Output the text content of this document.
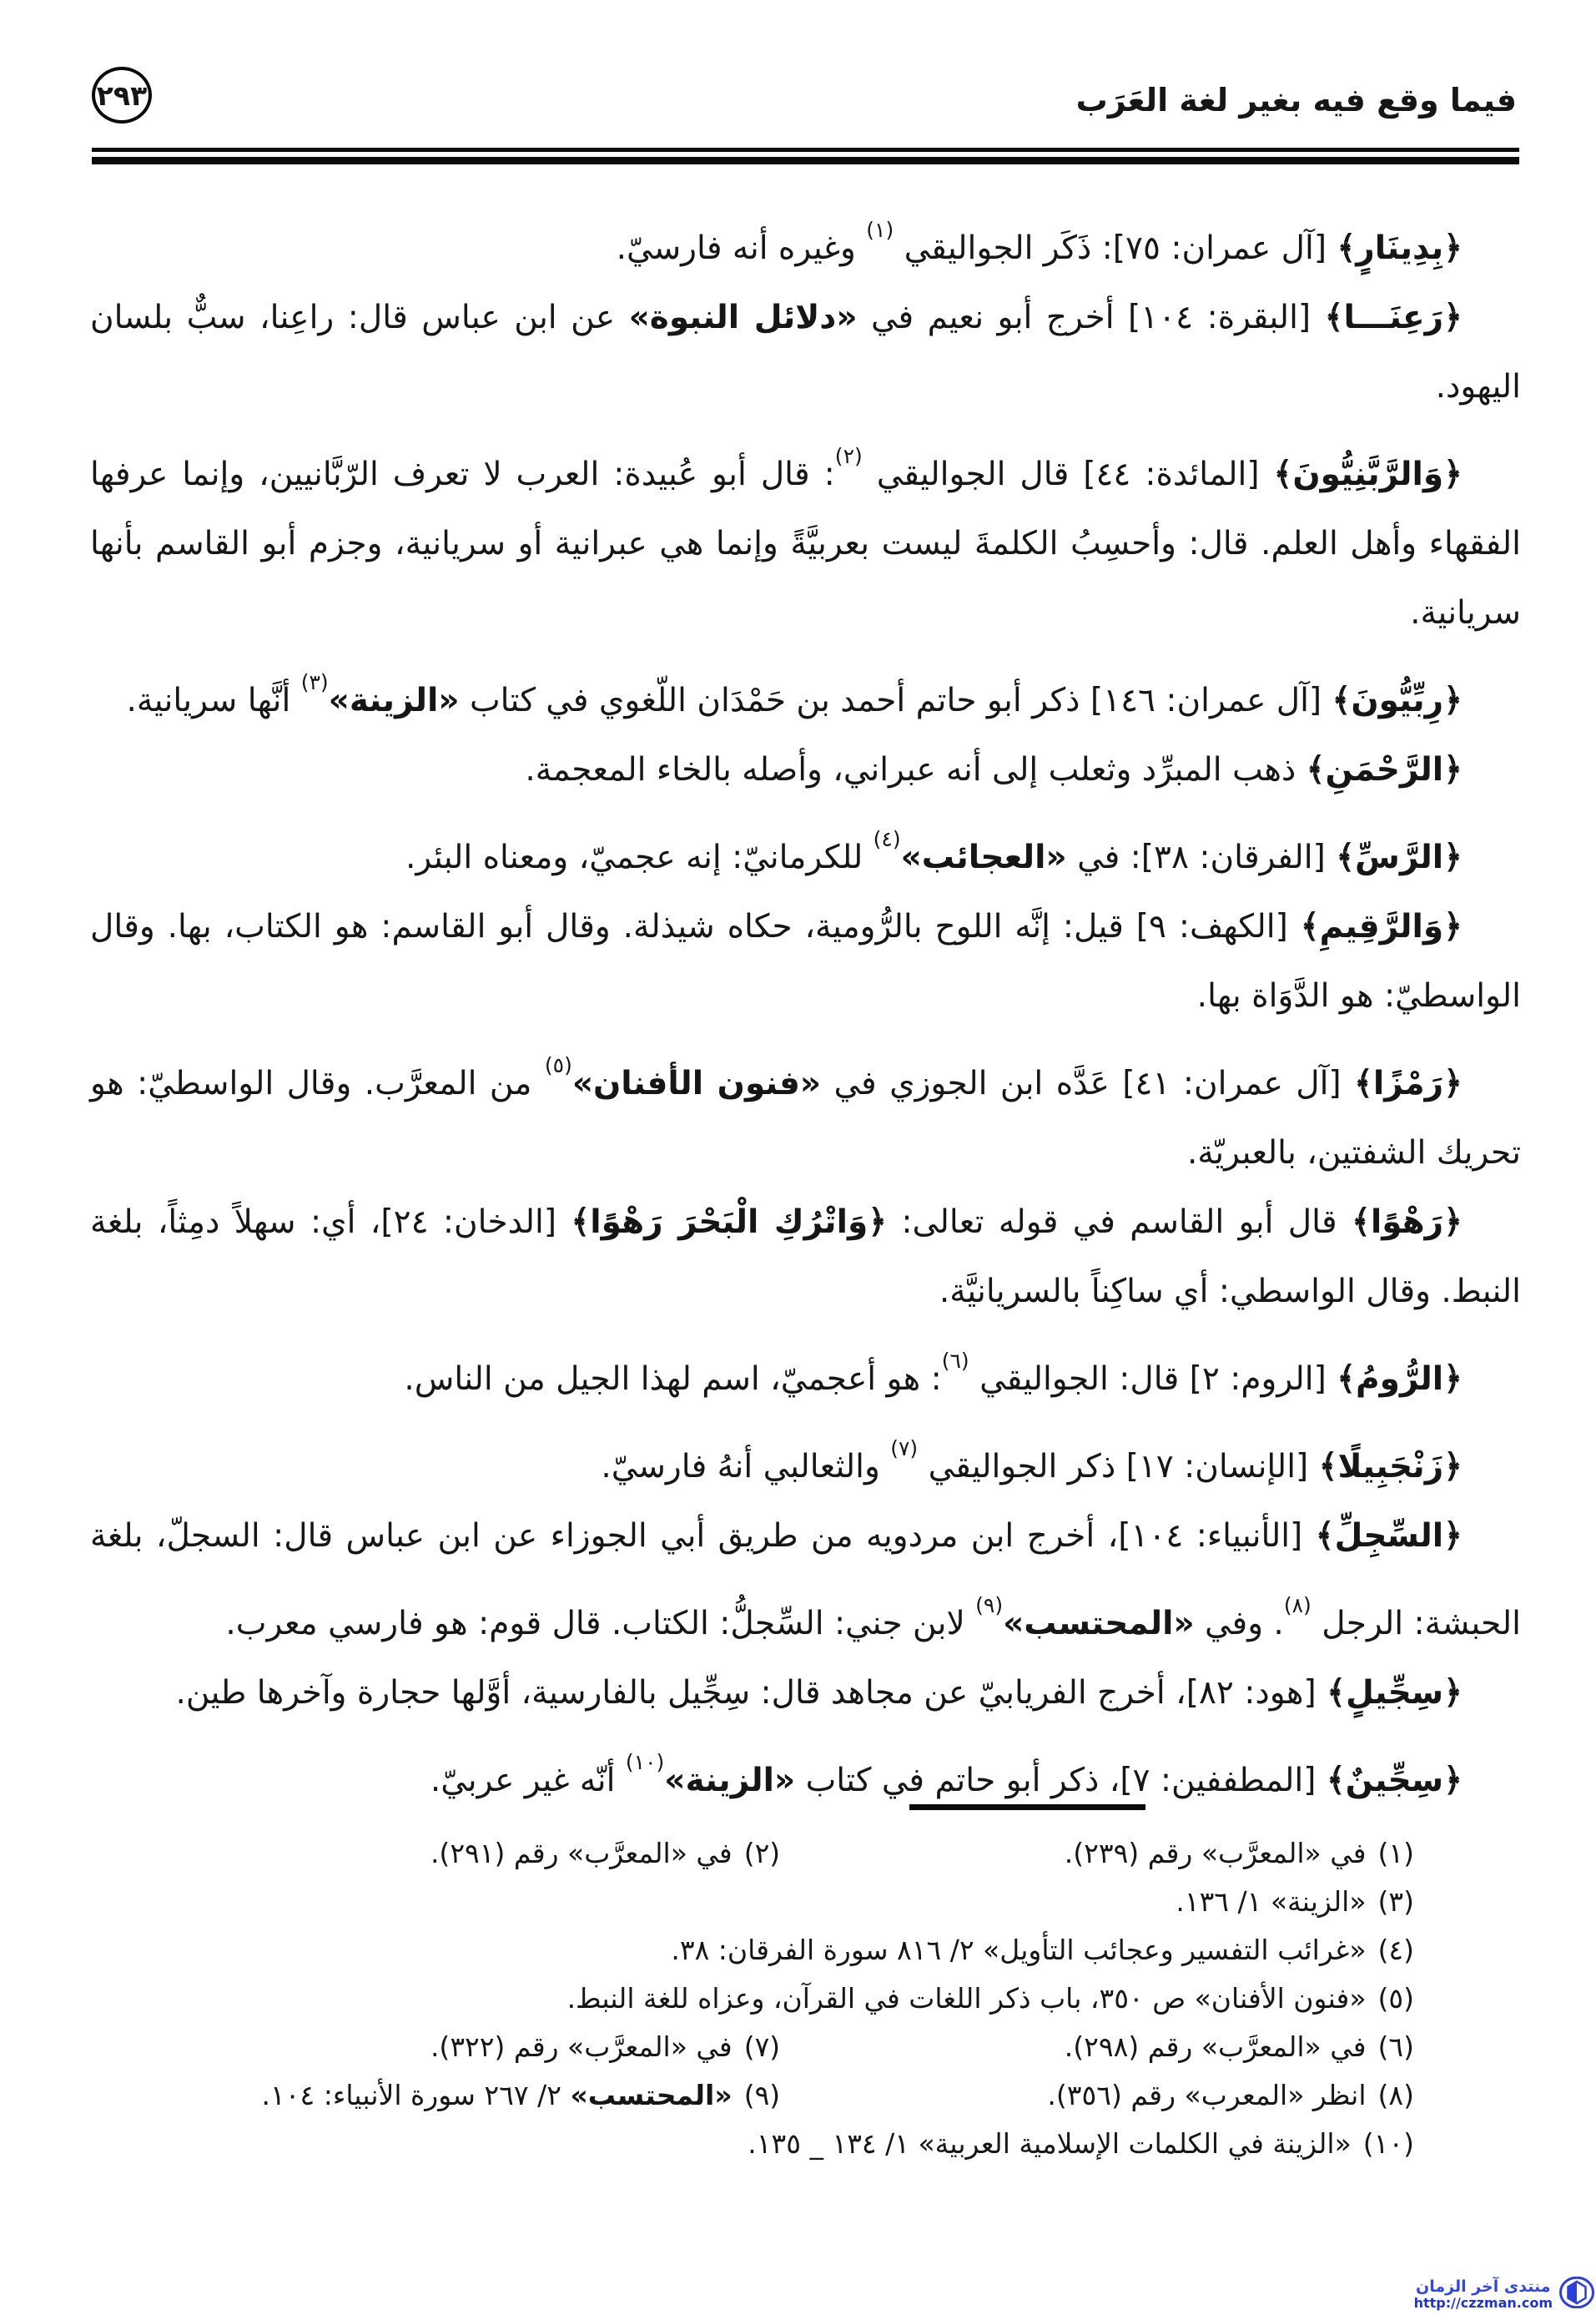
٢٩٣	فيما وقع فيه بغير لغة العَرَب

﴿بِدِينَارٍ﴾ [آل عمران: ٧٥]: ذَكَر الجواليقي $^{(١)}$ وغيره أنه فارسيّ.

﴿رَعِنَـــا﴾ [البقرة: ١٠٤] أخرج أبو نعيم في «دلائل النبوة» عن ابن عباس قال: راعِنا، سبٌّ بلسان اليهود.

﴿وَالرَّبَّنِيُّونَ﴾ [المائدة: ٤٤] قال الجواليقي $^{(٢)}$: قال أبو عُبيدة: العرب لا تعرف الرّبَّانيين، وإنما عرفها الفقهاء وأهل العلم. قال: وأحسِبُ الكلمةَ ليست بعربيَّةً وإنما هي عبرانية أو سريانية، وجزم أبو القاسم بأنها سريانية.

﴿رِبِّيُّونَ﴾ [آل عمران: ١٤٦] ذكر أبو حاتم أحمد بن حَمْدَان اللّغوي في كتاب «الزينة»$^{(٣)}$ أنَّها سريانية.

﴿الرَّحْمَنِ﴾ ذهب المبرِّد وثعلب إلى أنه عبراني، وأصله بالخاء المعجمة.

﴿الرَّسِّ﴾ [الفرقان: ٣٨]: في «العجائب»$^{(٤)}$ للكرمانيّ: إنه عجميّ، ومعناه البئر.

﴿وَالرَّقِيمِ﴾ [الكهف: ٩] قيل: إنَّه اللوح بالرُّومية، حكاه شيذلة. وقال أبو القاسم: هو الكتاب، بها. وقال الواسطيّ: هو الدَّوَاة بها.

﴿رَمْزًا﴾ [آل عمران: ٤١] عَدَّه ابن الجوزي في «فنون الأفنان»$^{(٥)}$ من المعرَّب. وقال الواسطيّ: هو تحريك الشفتين، بالعبريّة.

﴿رَهْوًا﴾ قال أبو القاسم في قوله تعالى: ﴿وَاتْرُكِ الْبَحْرَ رَهْوًا﴾ [الدخان: ٢٤]، أي: سهلاً دمِثاً، بلغة النبط. وقال الواسطي: أي ساكِناً بالسريانيَّة.

﴿الرُّومُ﴾ [الروم: ٢] قال: الجواليقي $^{(٦)}$: هو أعجميّ، اسم لهذا الجيل من الناس.

﴿زَنْجَبِيلًا﴾ [الإنسان: ١٧] ذكر الجواليقي $^{(٧)}$ والثعالبي أنهُ فارسيّ.

﴿السِّجِلِّ﴾ [الأنبياء: ١٠٤]، أخرج ابن مردويه من طريق أبي الجوزاء عن ابن عباس قال: السجلّ، بلغة الحبشة: الرجل $^{(٨)}$. وفي «المحتسب»$^{(٩)}$ لابن جني: السِّجلُّ: الكتاب. قال قوم: هو فارسي معرب.

﴿سِجِّيلٍ﴾ [هود: ٨٢]، أخرج الفريابيّ عن مجاهد قال: سِجِّيل بالفارسية، أوَّلها حجارة وآخرها طين.

﴿سِجِّينٌ﴾ [المطففين: ٧]، ذكر أبو حاتم في كتاب «الزينة»$^{(١٠)}$ أنّه غير عربيّ.

(١)في «المعرَّب» رقم (٢٣٩).
(٢)في «المعرَّب» رقم (٢٩١).
(٣)«الزينة» ١/ ١٣٦.
(٤)«غرائب التفسير وعجائب التأويل» ٢/ ٨١٦ سورة الفرقان: ٣٨.
(٥)«فنون الأفنان» ص ٣٥٠، باب ذكر اللغات في القرآن، وعزاه للغة النبط.
(٦)في «المعرَّب» رقم (٢٩٨).
(٧)في «المعرَّب» رقم (٣٢٢).
(٨)انظر «المعرب» رقم (٣٥٦).
(٩)«المحتسب» ٢/ ٢٦٧ سورة الأنبياء: ١٠٤.
(١٠)«الزينة في الكلمات الإسلامية العربية» ١/ ١٣٤ _ ١٣٥.
منتدى آخر الزمان
http://czzman.com
